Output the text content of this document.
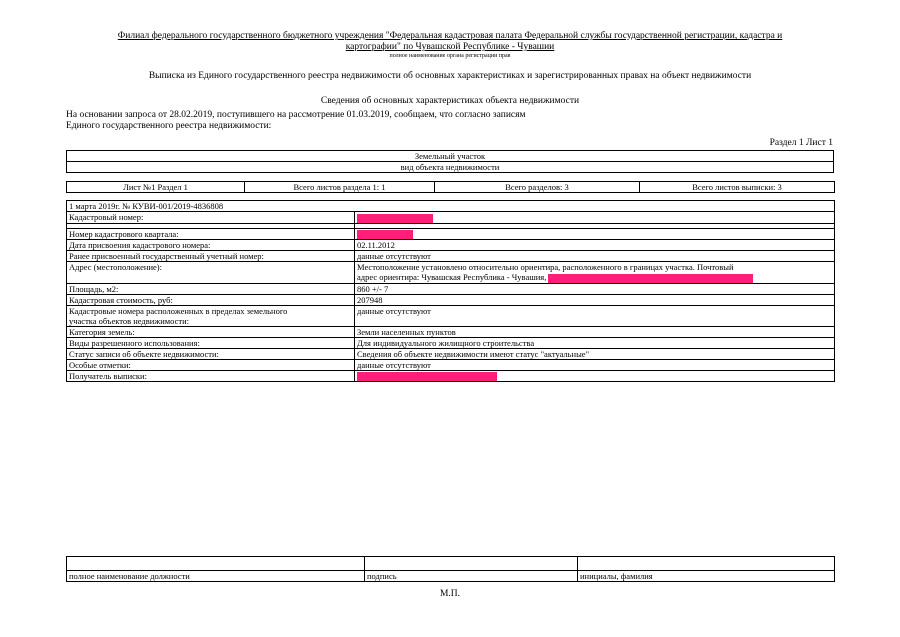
Филиал федерального государственного бюджетного учреждения "Федеральная кадастровая палата Федеральной службы государственной регистрации, кадастра и
картографии" по Чувашской Республике - Чувашии
полное наименование органа регистрации прав
Выписка из Единого государственного реестра недвижимости об основных характеристиках и зарегистрированных правах на объект недвижимости
Сведения об основных характеристиках объекта недвижимости
На основании запроса от 28.02.2019, поступившего на рассмотрение 01.03.2019, сообщаем, что согласно записям
Единого государственного реестра недвижимости:
Раздел 1 Лист 1
Земельный участок
вид объекта недвижимости
Лист №1 Раздел 1	Всего листов раздела 1: 1	Всего разделов: 3	Всего листов выписки: 3
1 марта 2019г. № КУВИ-001/2019-4836808	
Кадастровый номер:	

Номер кадастрового квартала:	
Дата присвоения кадастрового номера:	02.11.2012
Ранее присвоенный государственный учетный номер:	данные отсутствуют
Адрес (местоположение):	Местоположение установлено относительно ориентира, расположенного в границах участка. Почтовый
адрес ориентира: Чувашская Республика - Чувашия,

Площадь, м2:	860 +/- 7
Кадастровая стоимость, руб:	207948

Кадастровые номера расположенных в пределах земельного
участка объектов недвижимости:	данные отсутствуют
Категория земель:	Земли населенных пунктов
Виды разрешенного использования:	Для индивидуального жилищного строительства
Статус записи об объекте недвижимости:	Сведения об объекте недвижимости имеют статус "актуальные"
Особые отметки:	данные отсутствуют
Получатель выписки:	

полное наименование должности	подпись	инициалы, фамилия
М.П.
